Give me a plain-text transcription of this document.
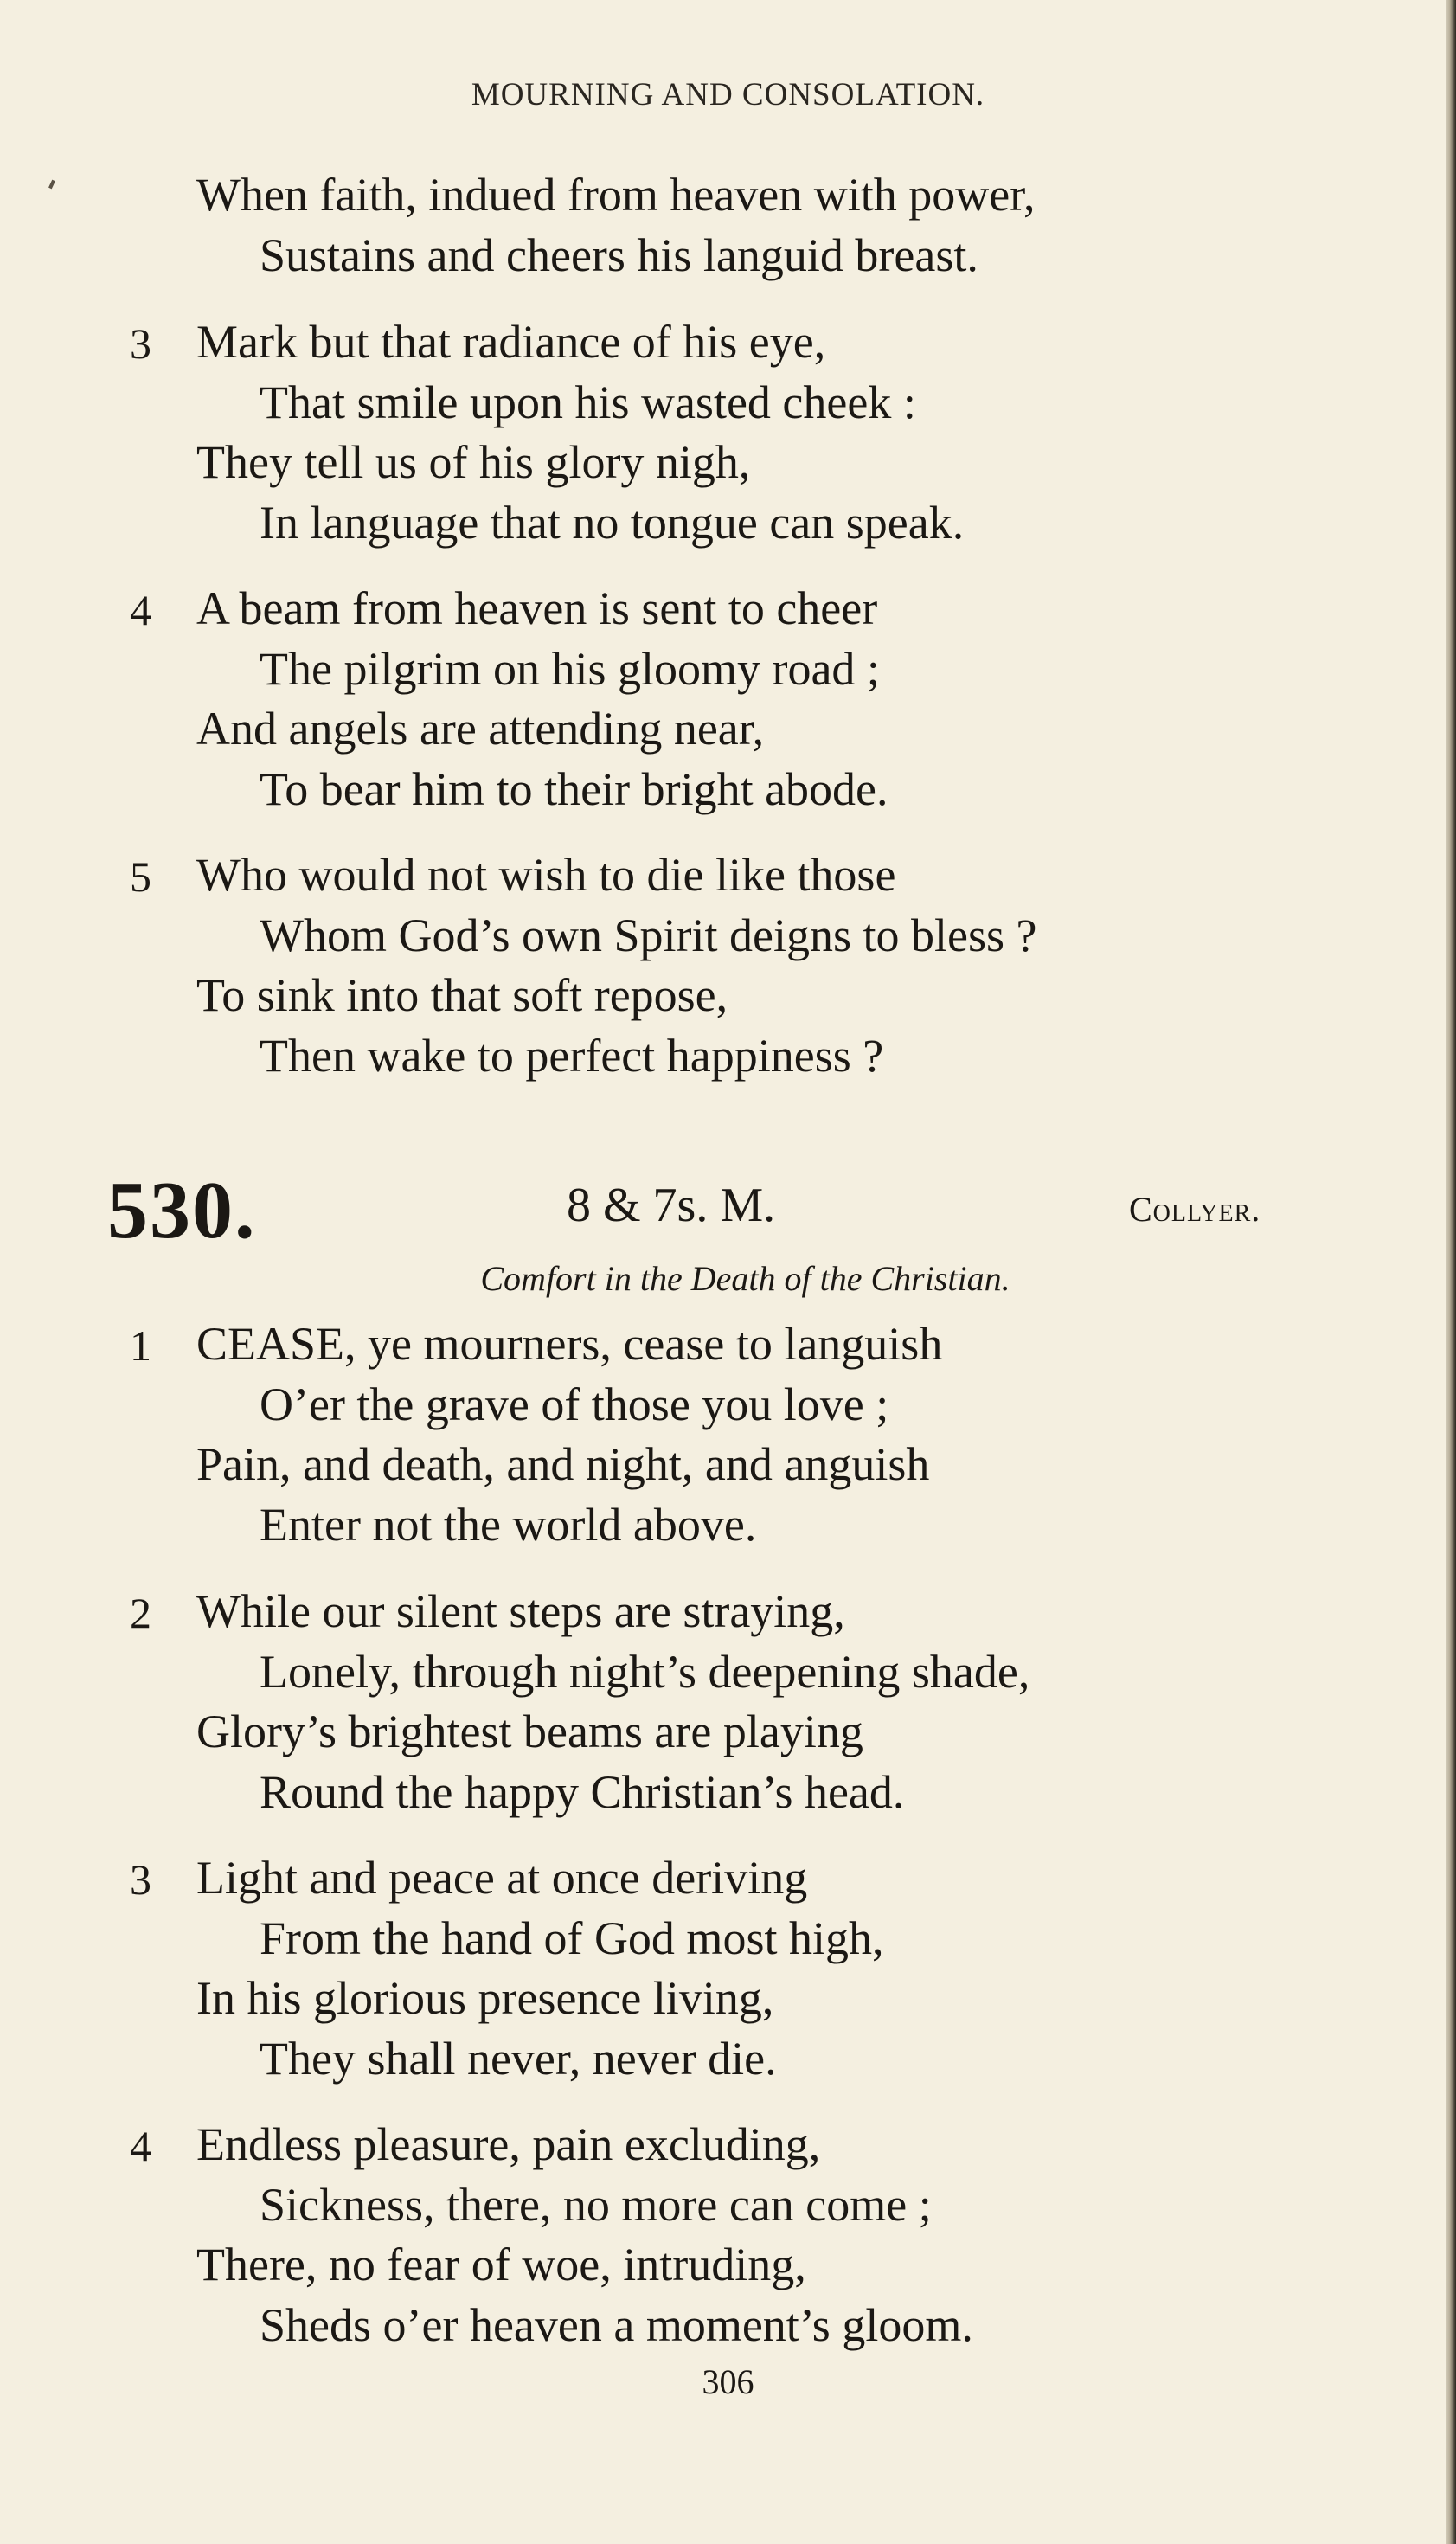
MOURNING AND CONSOLATION.
When faith, indued from heaven with power,
Sustains and cheers his languid breast.
3 Mark but that radiance of his eye,
That smile upon his wasted cheek :
They tell us of his glory nigh,
In language that no tongue can speak.
4 A beam from heaven is sent to cheer
The pilgrim on his gloomy road ;
And angels are attending near,
To bear him to their bright abode.
5 Who would not wish to die like those
Whom God’s own Spirit deigns to bless ?
To sink into that soft repose,
Then wake to perfect happiness ?
530.	8 & 7s. M.	Collyer.
Comfort in the Death of the Christian.
1 CEASE, ye mourners, cease to languish
O’er the grave of those you love ;
Pain, and death, and night, and anguish
Enter not the world above.
2 While our silent steps are straying,
Lonely, through night’s deepening shade,
Glory’s brightest beams are playing
Round the happy Christian’s head.
3 Light and peace at once deriving
From the hand of God most high,
In his glorious presence living,
They shall never, never die.
4 Endless pleasure, pain excluding,
Sickness, there, no more can come ;
There, no fear of woe, intruding,
Sheds o’er heaven a moment’s gloom.
306
